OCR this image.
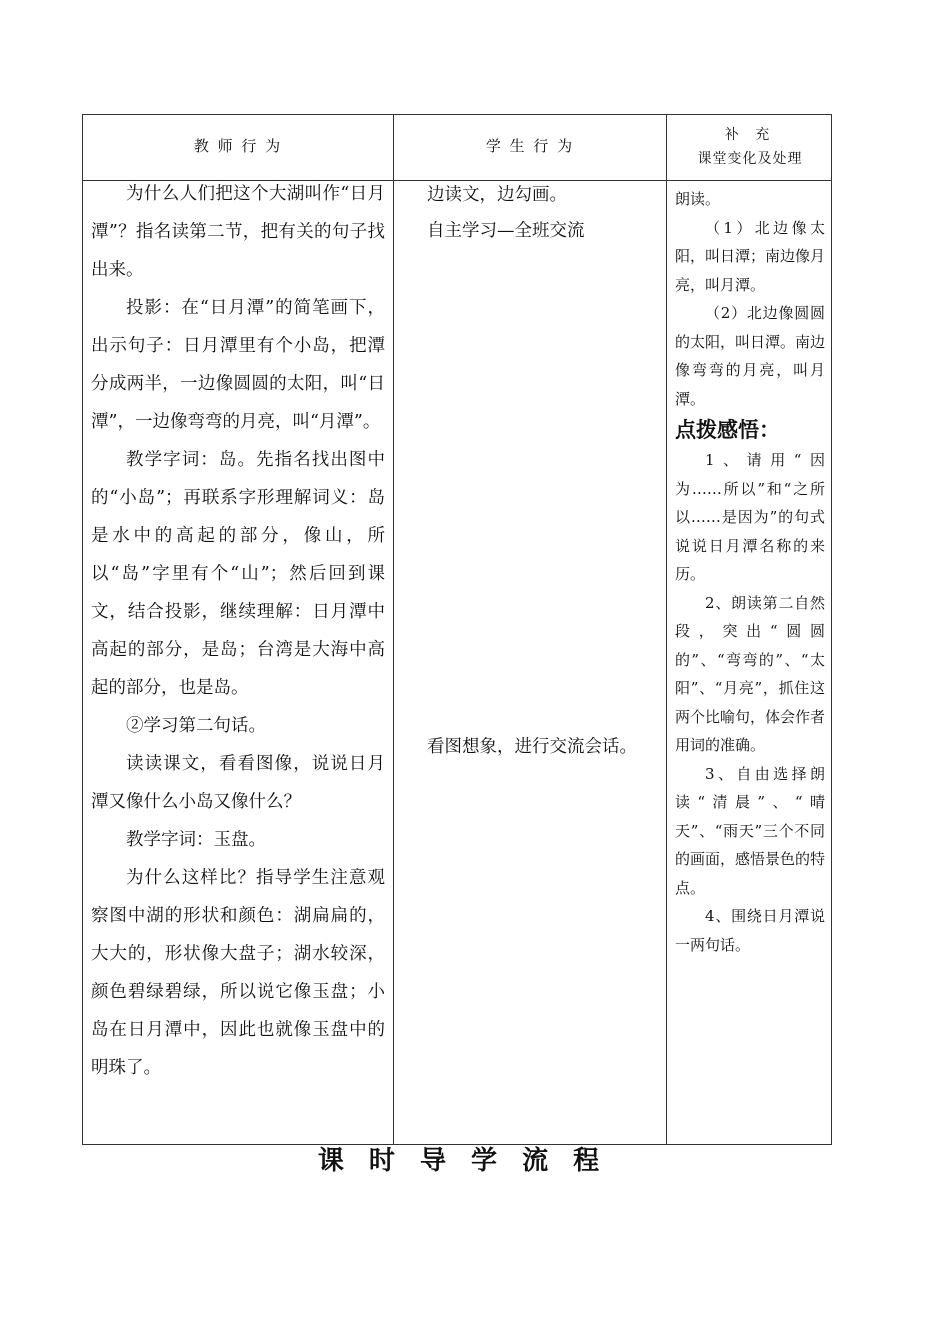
教 师 行 为	学 生 行 为
补 充
课堂变化及处理

为什么人们把这个大湖叫作“日月潭”？指名读第二节，把有关的句子找出来。

投影：在“日月潭”的简笔画下，出示句子：日月潭里有个小岛，把潭分成两半，一边像圆圆的太阳，叫“日潭”，一边像弯弯的月亮，叫“月潭”。

教学字词：岛。先指名找出图中的“小岛”；再联系字形理解词义：岛是水中的高起的部分，像山，所以“岛”字里有个“山”；然后回到课文，结合投影，继续理解：日月潭中高起的部分，是岛；台湾是大海中高起的部分，也是岛。

②学习第二句话。

读读课文，看看图像，说说日月潭又像什么小岛又像什么？

教学字词：玉盘。

为什么这样比？指导学生注意观察图中湖的形状和颜色：湖扁扁的，大大的，形状像大盘子；湖水较深，颜色碧绿碧绿，所以说它像玉盘；小岛在日月潭中，因此也就像玉盘中的明珠了。

边读文，边勾画。

自主学习—全班交流

看图想象，进行交流会话。

朗读。

（1）北边像太阳，叫日潭；南边像月亮，叫月潭。

（2）北边像圆圆的太阳，叫日潭。南边像弯弯的月亮，叫月潭。

点拨感悟：

1、请用“因为……所以”和“之所以……是因为”的句式说说日月潭名称的来历。

2、朗读第二自然段，突出“圆圆的”、“弯弯的”、“太阳”、“月亮”，抓住这两个比喻句，体会作者用词的准确。

3、自由选择朗读“清晨”、“晴天”、“雨天”三个不同的画面，感悟景色的特点。

4、围绕日月潭说一两句话。

课 时 导 学 流 程
